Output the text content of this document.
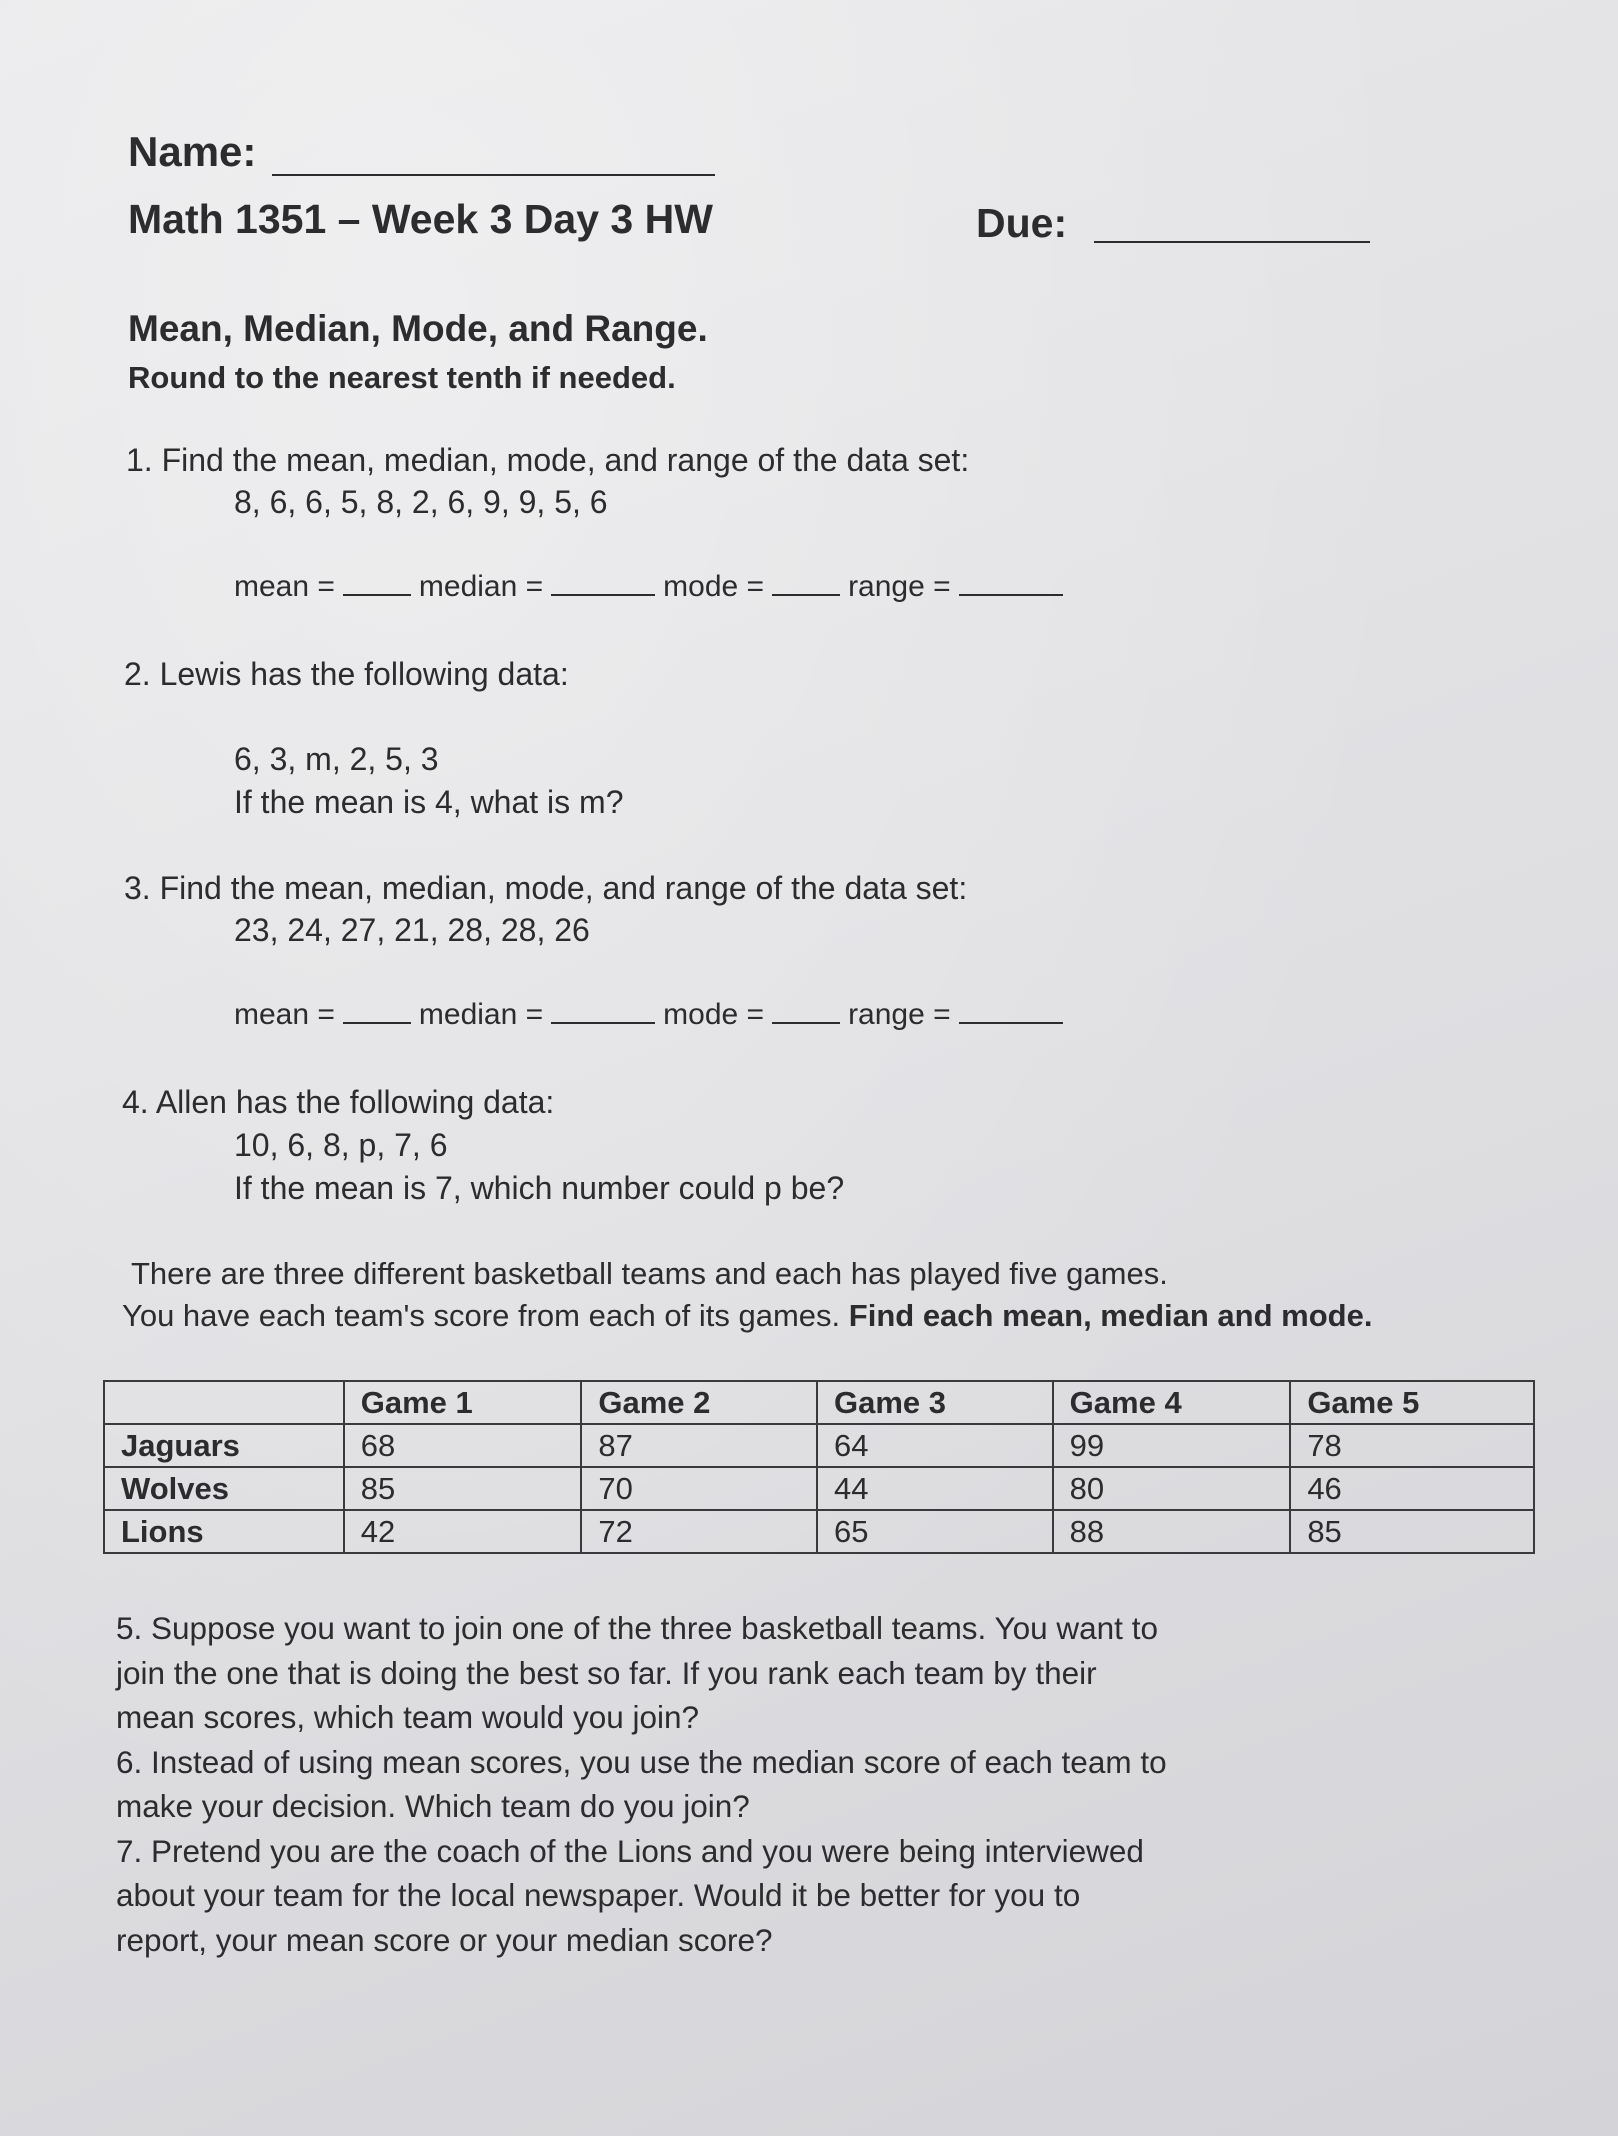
Name:
Math 1351 – Week 3 Day 3 HW	Due:
Mean, Median, Mode, and Range.
Round to the nearest tenth if needed.
1. Find the mean, median, mode, and range of the data set:
8, 6, 6, 5, 8, 2, 6, 9, 9, 5, 6
mean =	median =	mode =	range =
2. Lewis has the following data:
6, 3, m, 2, 5, 3
If the mean is 4, what is m?
3. Find the mean, median, mode, and range of the data set:
23, 24, 27, 21, 28, 28, 26
mean =	median =	mode =	range =
4. Allen has the following data:
10, 6, 8, p, 7, 6
If the mean is 7, which number could p be?
There are three different basketball teams and each has played five games.
You have each team's score from each of its games. Find each mean, median and mode.
	Game 1	Game 2	Game 3	Game 4	Game 5
Jaguars	68	87	64	99	78
Wolves	85	70	44	80	46
Lions	42	72	65	88	85
5. Suppose you want to join one of the three basketball teams. You want to
join the one that is doing the best so far. If you rank each team by their
mean scores, which team would you join?
6. Instead of using mean scores, you use the median score of each team to
make your decision. Which team do you join?
7. Pretend you are the coach of the Lions and you were being interviewed
about your team for the local newspaper. Would it be better for you to
report, your mean score or your median score?
